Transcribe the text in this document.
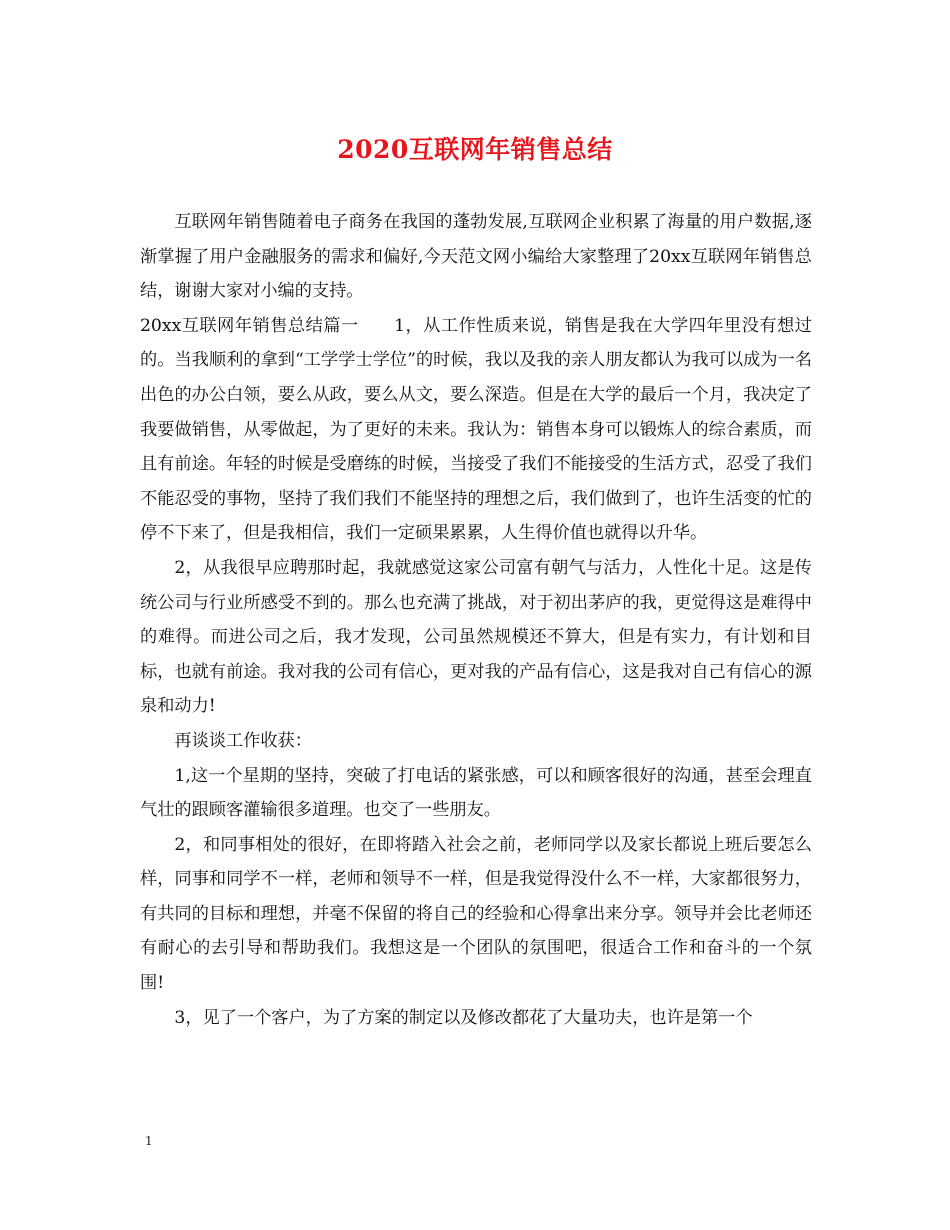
2020互联网年销售总结

互联网年销售随着电子商务在我国的蓬勃发展,互联网企业积累了海量的用户数据,逐渐掌握了用户金融服务的需求和偏好,今天范文网小编给大家整理了20xx互联网年销售总结，谢谢大家对小编的支持。

20xx互联网年销售总结篇一　　1，从工作性质来说，销售是我在大学四年里没有想过的。当我顺利的拿到“工学学士学位”的时候，我以及我的亲人朋友都认为我可以成为一名出色的办公白领，要么从政，要么从文，要么深造。但是在大学的最后一个月，我决定了我要做销售，从零做起，为了更好的未来。我认为：销售本身可以锻炼人的综合素质，而且有前途。年轻的时候是受磨练的时候，当接受了我们不能接受的生活方式，忍受了我们不能忍受的事物，坚持了我们我们不能坚持的理想之后，我们做到了，也许生活变的忙的停不下来了，但是我相信，我们一定硕果累累，人生得价值也就得以升华。

2，从我很早应聘那时起，我就感觉这家公司富有朝气与活力，人性化十足。这是传统公司与行业所感受不到的。那么也充满了挑战，对于初出茅庐的我，更觉得这是难得中的难得。而进公司之后，我才发现，公司虽然规模还不算大，但是有实力，有计划和目标，也就有前途。我对我的公司有信心，更对我的产品有信心，这是我对自己有信心的源泉和动力!

再谈谈工作收获：

1,这一个星期的坚持，突破了打电话的紧张感，可以和顾客很好的沟通，甚至会理直气壮的跟顾客灌输很多道理。也交了一些朋友。

2，和同事相处的很好，在即将踏入社会之前，老师同学以及家长都说上班后要怎么样，同事和同学不一样，老师和领导不一样，但是我觉得没什么不一样，大家都很努力，有共同的目标和理想，并毫不保留的将自己的经验和心得拿出来分享。领导并会比老师还有耐心的去引导和帮助我们。我想这是一个团队的氛围吧，很适合工作和奋斗的一个氛围!

3，见了一个客户，为了方案的制定以及修改都花了大量功夫，也许是第一个

1
